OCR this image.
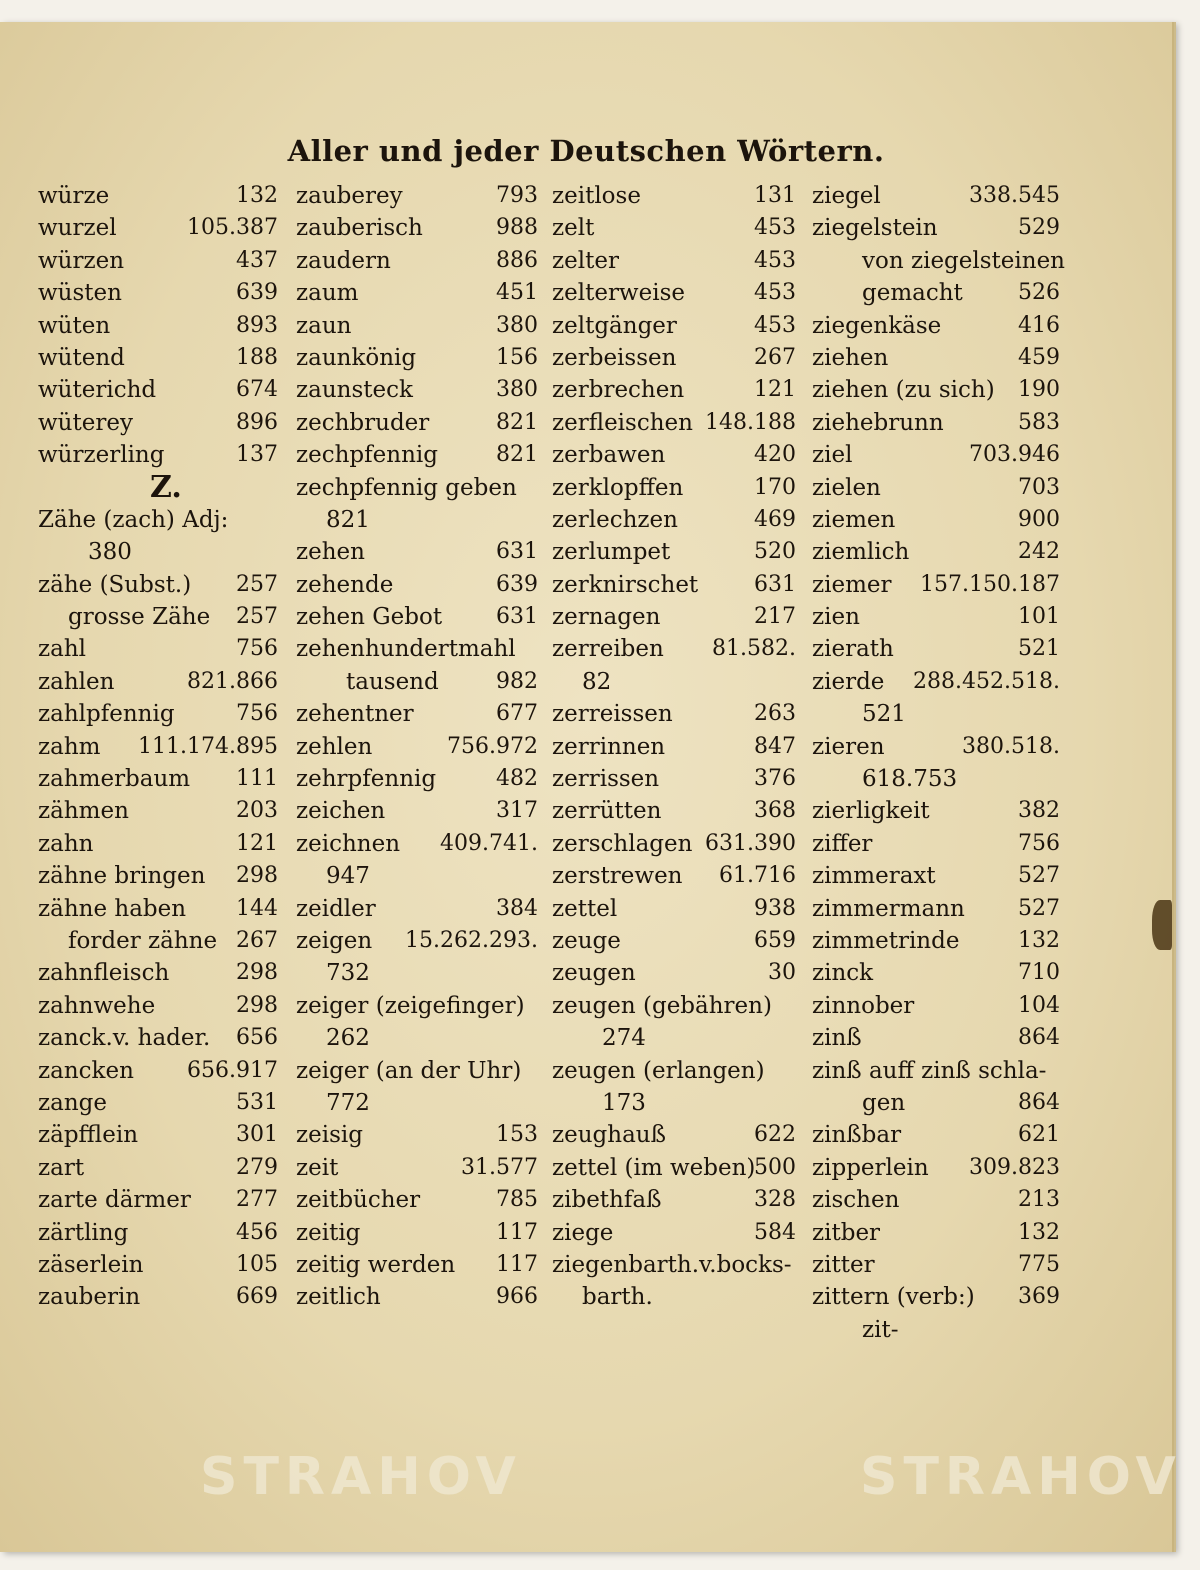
Aller und jeder Deutschen Wörtern.
würze	132
wurzel	105.387
würzen	437
wüsten	639
wüten	893
wütend	188
wüterichd	674
wüterey	896
würzerling	137
Z.
Zähe (zach) Adj:
380
zähe (Subst.) 257
grosse Zähe 257
zahl	756
zahlen	821.866
zahlpfennig	756
zahm 111.174.895
zahmerbaum 111
zähmen	203
zahn	121
zähne bringen 298
zähne haben 144
forder zähne 267
zahnfleisch	298
zahnwehe	298
zanck.v. hader. 656
zancken 656.917
zange	531
zäpfflein	301
zart	279
zarte därmer 277
zärtling	456
zäserlein	105
zauberin	669
zauberey	793
zauberisch	988
zaudern	886
zaum	451
zaun	380
zaunkönig	156
zaunsteck	380
zechbruder	821
zechpfennig	821
zechpfennig geben
821
zehen	631
zehende	639
zehen Gebot 631
zehenhundertmahl
tausend	982
zehentner	677
zehlen	756.972
zehrpfennig	482
zeichen	317
zeichnen 409.741.
947
zeidler	384
zeigen 15.262.293.
732
zeiger (zeigefinger)
262
zeiger (an der Uhr)
772
zeisig	153
zeit	31.577
zeitbücher	785
zeitig	117
zeitig werden 117
zeitlich	966
zeitlose	131
zelt	453
zelter	453
zelterweise	453
zeltgänger	453
zerbeissen	267
zerbrechen	121
zerfleischen 148.188
zerbawen	420
zerklopffen	170
zerlechzen	469
zerlumpet	520
zerknirschet	631
zernagen	217
zerreiben 81.582.
82
zerreissen	263
zerrinnen	847
zerrissen	376
zerrütten	368
zerschlagen 631.390
zerstrewen 61.716
zettel	938
zeuge	659
zeugen	30
zeugen (gebähren)
274
zeugen (erlangen)
173
zeughauß	622
zettel (im weben)
500
zibethfaß	328
ziege	584
ziegenbarth.v.bocks-
barth.
ziegel	338.545
ziegelstein	529
von ziegelsteinen
gemacht	526
ziegenkäse	416
ziehen	459
ziehen (zu sich) 190
ziehebrunn	583
ziel	703.946
zielen	703
ziemen	900
ziemlich	242
ziemer 157.150.187
zien	101
zierath	521
zierde 288.452.518.
521
zieren	380.518.
618.753
zierligkeit	382
ziffer	756
zimmeraxt	527
zimmermann 527
zimmetrinde	132
zinck	710
zinnober	104
zinß	864
zinß auff zinß schla-
gen	864
zinßbar	621
zipperlein 309.823
zischen	213
zitber	132
zitter	775
zittern (verb:) 369
zit-
STRAHOV	STRAHOV
